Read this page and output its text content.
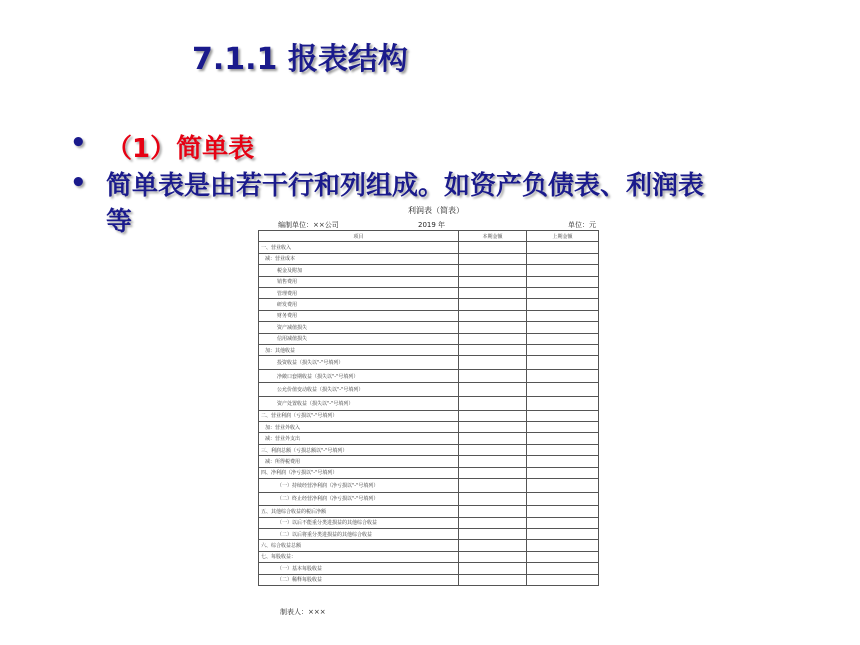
7.1.1 报表结构
• （1）简单表
• 简单表是由若干行和列组成。如资产负债表、利润表
等	利润表（简表）
编制单位：××公司	2019 年	单位：元
项目	本期金额	上期金额
一、营业收入		
减：营业成本		
税金及附加		
销售费用		
管理费用		
研发费用		
财务费用		
资产减值损失		
信用减值损失		
加：其他收益		
投资收益（损失以"-"号填列）		
净敞口套期收益（损失以"-"号填列）		
公允价值变动收益（损失以"-"号填列）		
资产处置收益（损失以"-"号填列）		
二、营业利润（亏损以"-"号填列）		
加：营业外收入		
减：营业外支出		
三、利润总额（亏损总额以"-"号填列）		
减：所得税费用		
四、净利润（净亏损以"-"号填列）		
（一）持续经营净利润（净亏损以"-"号填列）		
（二）终止经营净利润（净亏损以"-"号填列）		
五、其他综合收益的税后净额		
（一）以后不能重分类进损益的其他综合收益		
（二）以后将重分类进损益的其他综合收益		
六、综合收益总额		
七、每股收益：		
（一）基本每股收益		
（二）稀释每股收益		
制表人：×××
